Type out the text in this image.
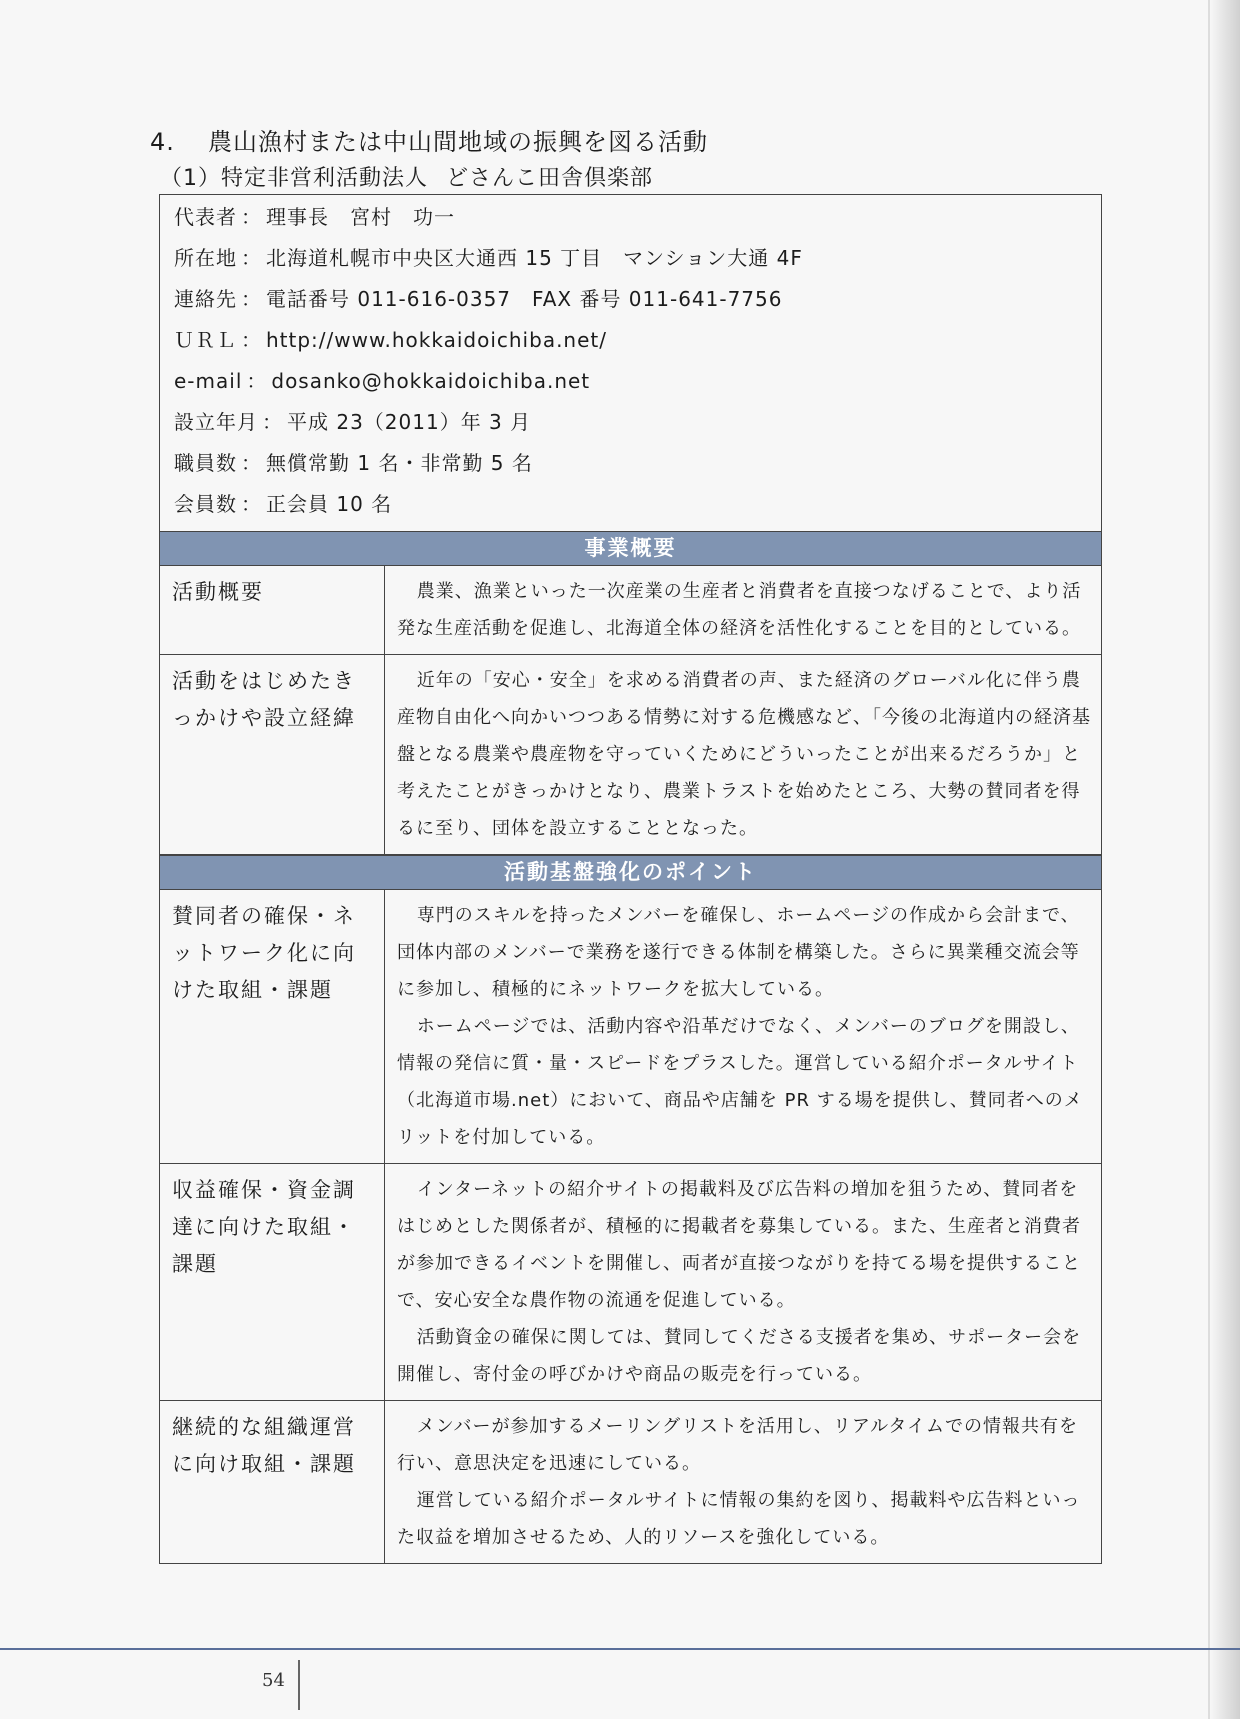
4. 農山漁村または中山間地域の振興を図る活動
（1）特定非営利活動法人 どさんこ田舎倶楽部
代表者 ： 理事長　宮村　功一
所在地 ： 北海道札幌市中央区大通西 15 丁目　マンション大通 4F
連絡先 ： 電話番号 011-616-0357　FAX 番号 011-641-7756
ＵＲＬ ： http://www.hokkaidoichiba.net/
e-mail ： dosanko@hokkaidoichiba.net
設立年月 ： 平成 23（2011）年 3 月
職員数 ： 無償常勤 1 名・非常勤 5 名
会員数 ： 正会員 10 名
事業概要
活動概要	農業、漁業といった一次産業の生産者と消費者を直接つなげることで、より活発な生産活動を促進し、北海道全体の経済を活性化することを目的としている。

活動をはじめたきっかけや設立経緯

近年の「安心・安全」を求める消費者の声、また経済のグローバル化に伴う農産物自由化へ向かいつつある情勢に対する危機感など、「今後の北海道内の経済基盤となる農業や農産物を守っていくためにどういったことが出来るだろうか」と考えたことがきっかけとなり、農業トラストを始めたところ、大勢の賛同者を得るに至り、団体を設立することとなった。

活動基盤強化のポイント
賛同者の確保・ネットワーク化に向けた取組・課題

専門のスキルを持ったメンバーを確保し、ホームページの作成から会計まで、団体内部のメンバーで業務を遂行できる体制を構築した。さらに異業種交流会等に参加し、積極的にネットワークを拡大している。

ホームページでは、活動内容や沿革だけでなく、メンバーのブログを開設し、情報の発信に質・量・スピードをプラスした。運営している紹介ポータルサイト（北海道市場.net）において、商品や店舗を PR する場を提供し、賛同者へのメリットを付加している。

収益確保・資金調達に向けた取組・課題

インターネットの紹介サイトの掲載料及び広告料の増加を狙うため、賛同者をはじめとした関係者が、積極的に掲載者を募集している。また、生産者と消費者が参加できるイベントを開催し、両者が直接つながりを持てる場を提供することで、安心安全な農作物の流通を促進している。

活動資金の確保に関しては、賛同してくださる支援者を集め、サポーター会を開催し、寄付金の呼びかけや商品の販売を行っている。

継続的な組織運営に向け取組・課題

メンバーが参加するメーリングリストを活用し、リアルタイムでの情報共有を行い、意思決定を迅速にしている。

運営している紹介ポータルサイトに情報の集約を図り、掲載料や広告料といった収益を増加させるため、人的リソースを強化している。

54
